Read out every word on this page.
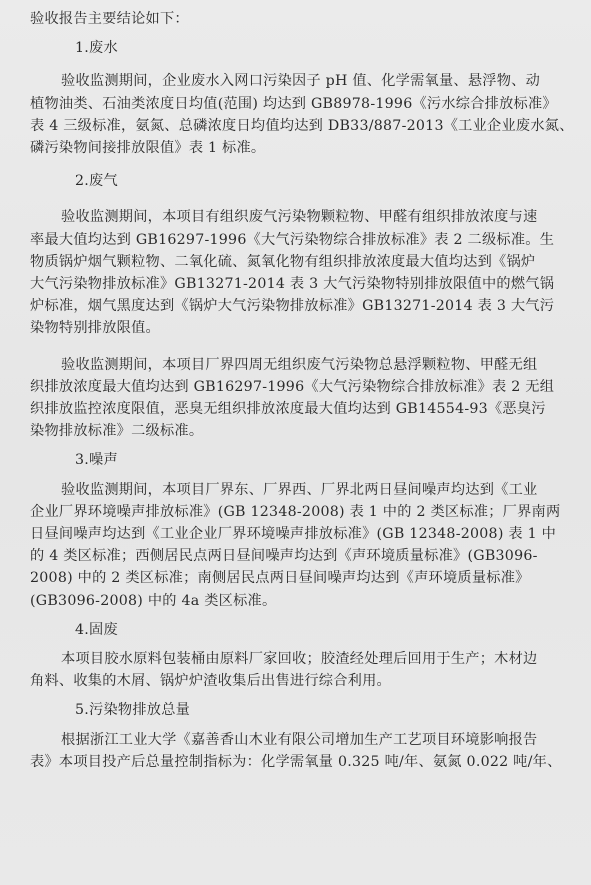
验收报告主要结论如下：
1.废水
验收监测期间，企业废水入网口污染因子 pH 值、化学需氧量、悬浮物、动
植物油类、石油类浓度日均值(范围) 均达到 GB8978-1996《污水综合排放标准》
表 4 三级标准，氨氮、总磷浓度日均值均达到 DB33/887-2013《工业企业废水氮、
磷污染物间接排放限值》表 1 标准。
2.废气
验收监测期间，本项目有组织废气污染物颗粒物、甲醛有组织排放浓度与速
率最大值均达到 GB16297-1996《大气污染物综合排放标准》表 2 二级标准。生
物质锅炉烟气颗粒物、二氧化硫、氮氧化物有组织排放浓度最大值均达到《锅炉
大气污染物排放标准》GB13271-2014 表 3 大气污染物特别排放限值中的燃气锅
炉标准，烟气黑度达到《锅炉大气污染物排放标准》GB13271-2014 表 3 大气污
染物特别排放限值。
验收监测期间，本项目厂界四周无组织废气污染物总悬浮颗粒物、甲醛无组
织排放浓度最大值均达到 GB16297-1996《大气污染物综合排放标准》表 2 无组
织排放监控浓度限值，恶臭无组织排放浓度最大值均达到 GB14554-93《恶臭污
染物排放标准》二级标准。
3.噪声
验收监测期间，本项目厂界东、厂界西、厂界北两日昼间噪声均达到《工业
企业厂界环境噪声排放标准》(GB 12348-2008) 表 1 中的 2 类区标准；厂界南两
日昼间噪声均达到《工业企业厂界环境噪声排放标准》(GB 12348-2008) 表 1 中
的 4 类区标准；西侧居民点两日昼间噪声均达到《声环境质量标准》(GB3096-
2008) 中的 2 类区标准；南侧居民点两日昼间噪声均达到《声环境质量标准》
(GB3096-2008) 中的 4a 类区标准。
4.固废
本项目胶水原料包装桶由原料厂家回收；胶渣经处理后回用于生产；木材边
角料、收集的木屑、锅炉炉渣收集后出售进行综合利用。
5.污染物排放总量
根据浙江工业大学《嘉善香山木业有限公司增加生产工艺项目环境影响报告
表》本项目投产后总量控制指标为：化学需氧量 0.325 吨/年、氨氮 0.022 吨/年、
